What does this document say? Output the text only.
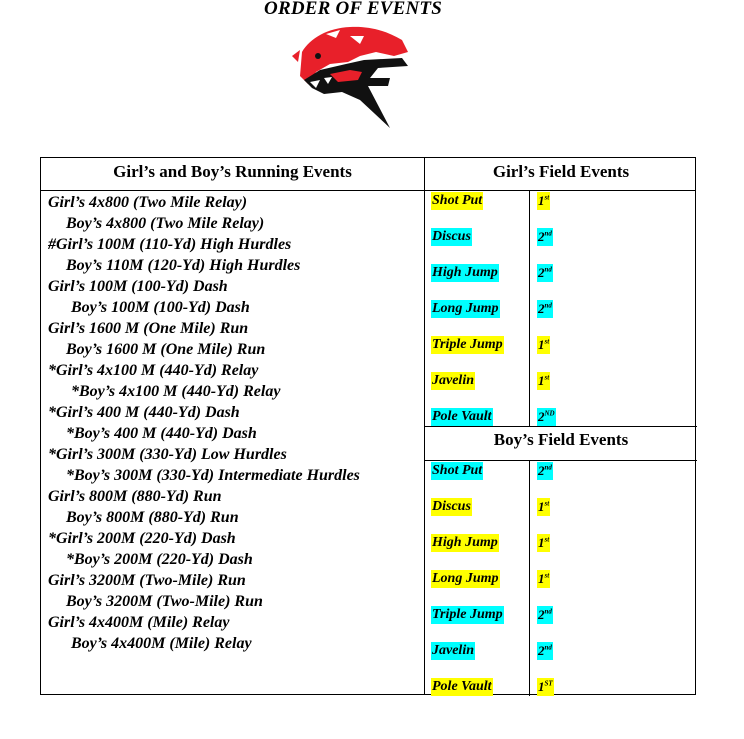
ORDER OF EVENTS
Girl’s and Boy’s Running Events	Girl’s Field Events
Boy’s Field Events
Girl’s 4x800 (Two Mile Relay)
Boy’s 4x800 (Two Mile Relay)
#Girl’s 100M (110-Yd) High Hurdles
Boy’s 110M (120-Yd) High Hurdles
Girl’s 100M (100-Yd) Dash
Boy’s 100M (100-Yd) Dash
Girl’s 1600 M (One Mile) Run
Boy’s 1600 M (One Mile) Run
*Girl’s 4x100 M (440-Yd) Relay
*Boy’s 4x100 M (440-Yd) Relay
*Girl’s 400 M (440-Yd) Dash
*Boy’s 400 M (440-Yd) Dash
*Girl’s 300M (330-Yd) Low Hurdles
*Boy’s 300M (330-Yd) Intermediate Hurdles
Girl’s 800M (880-Yd) Run
Boy’s 800M (880-Yd) Run
*Girl’s 200M (220-Yd) Dash
*Boy’s 200M (220-Yd) Dash
Girl’s 3200M (Two-Mile) Run
Boy’s 3200M (Two-Mile) Run
Girl’s 4x400M (Mile) Relay
Boy’s 4x400M (Mile) Relay
Shot Put	1st
Discus	2nd
High Jump	2nd
Long Jump	2nd
Triple Jump	1st
Javelin	1st
Pole Vault	2ND
Shot Put	2nd
Discus	1st
High Jump	1st
Long Jump	1st
Triple Jump	2nd
Javelin	2nd
Pole Vault	1ST
